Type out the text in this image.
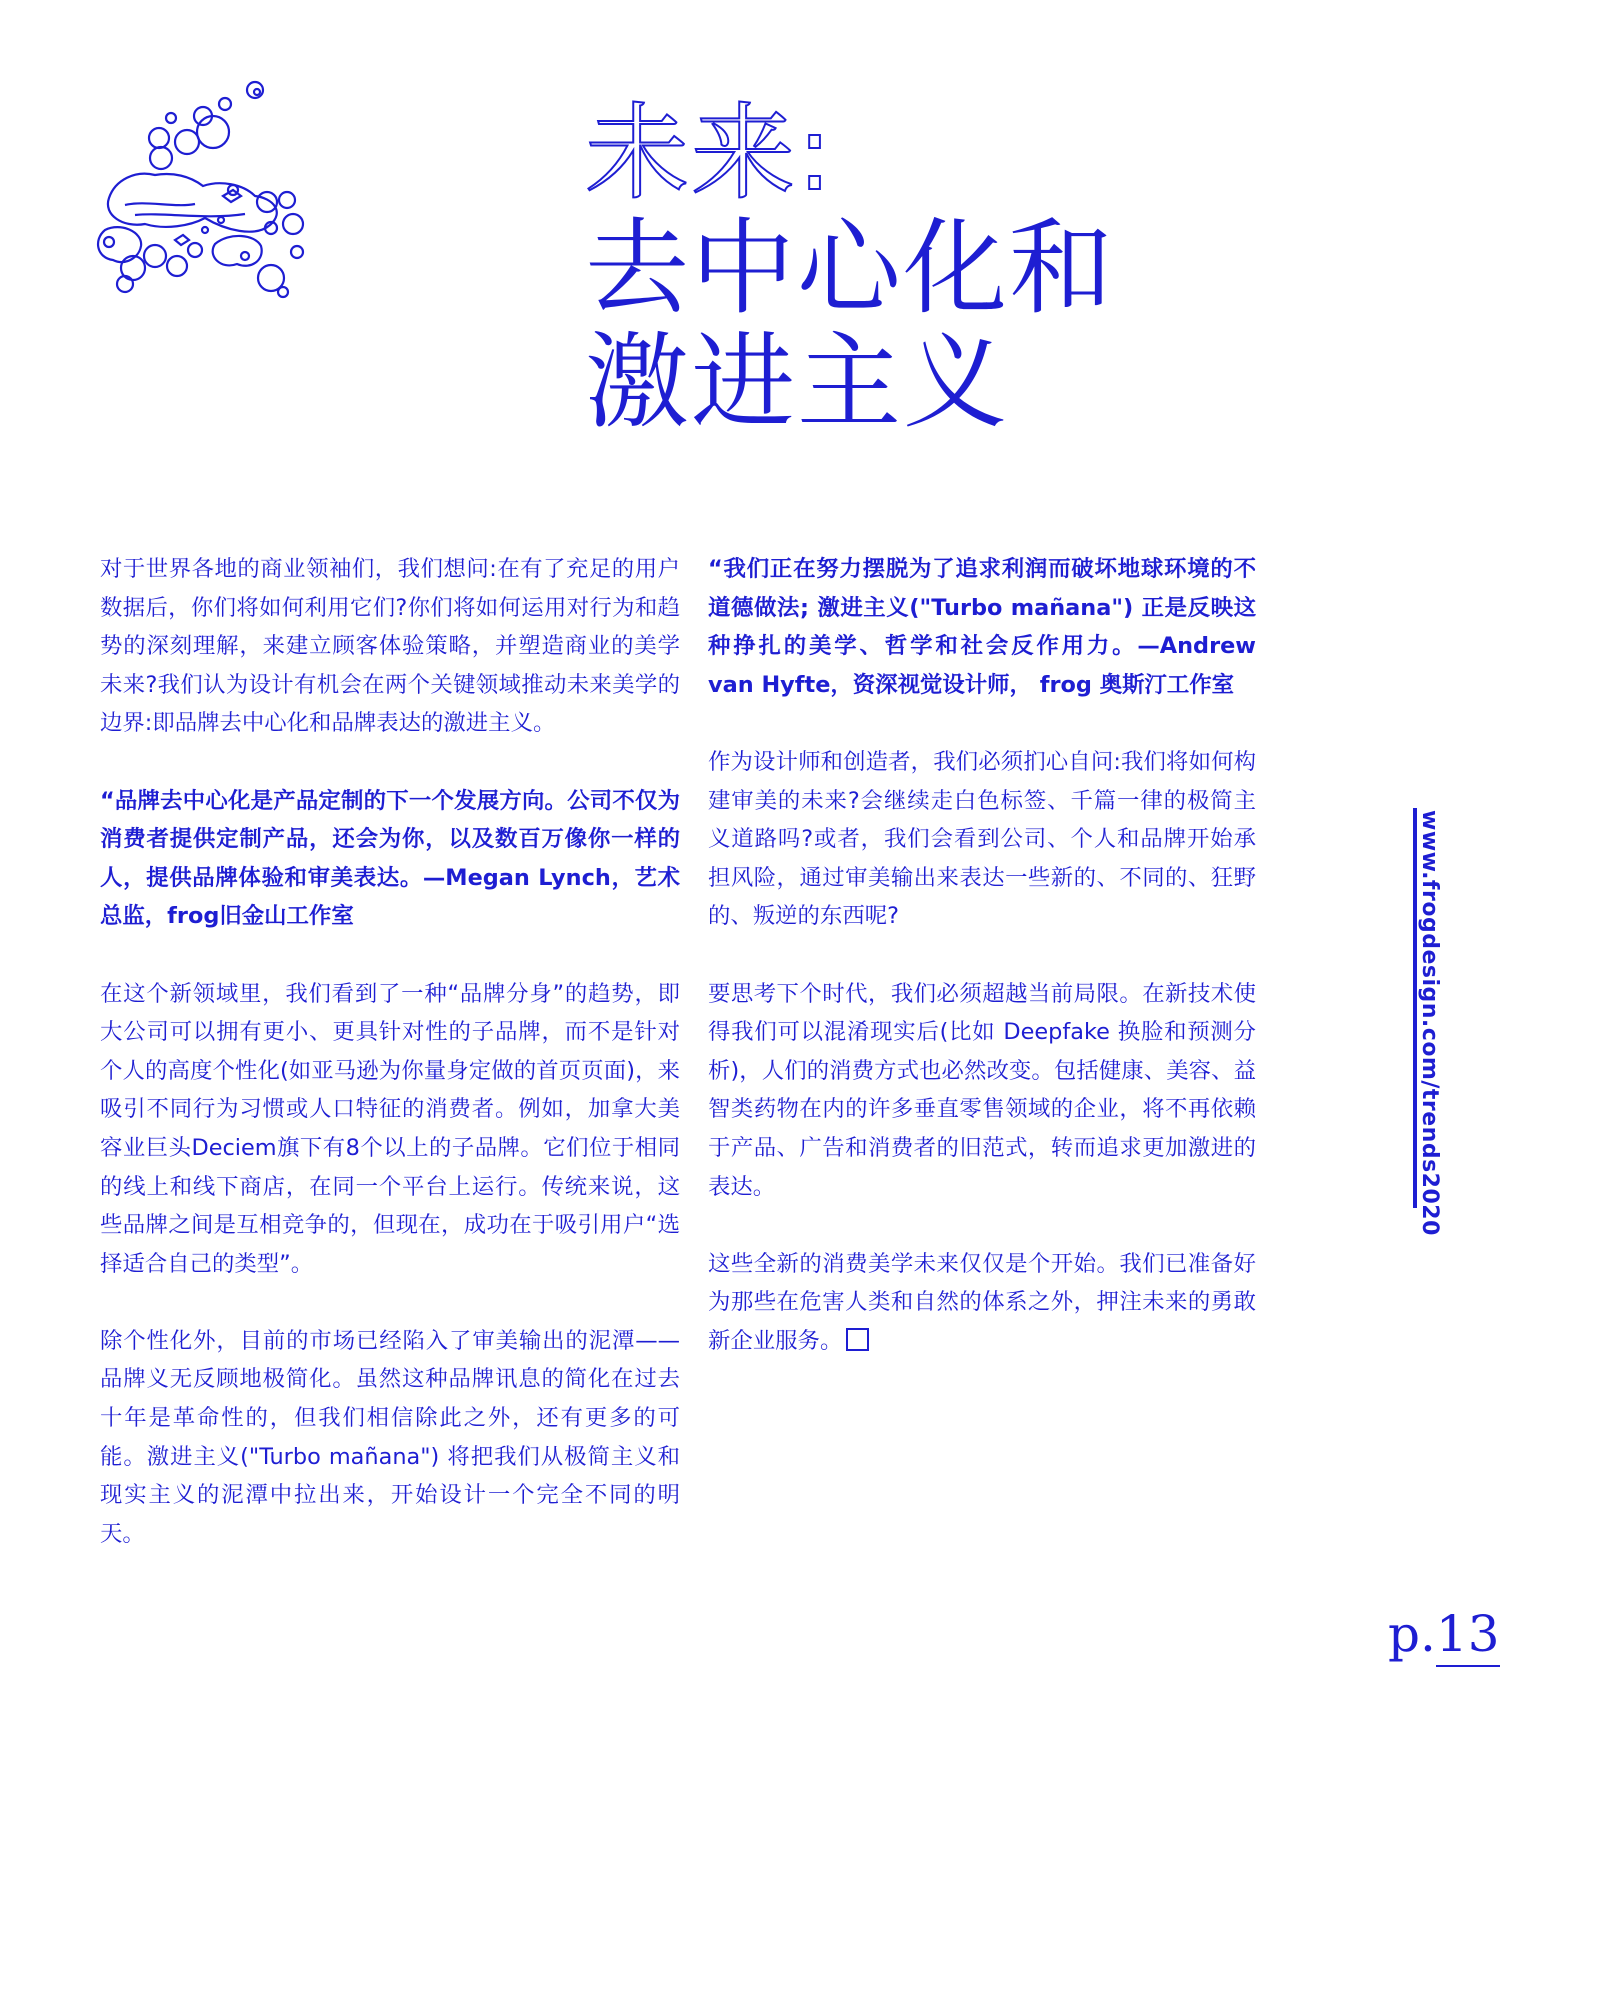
未来:
去中心化和
激进主义

对于世界各地的商业领袖们，我们想问:在有了充足的用户数据后，你们将如何利用它们?你们将如何运用对行为和趋势的深刻理解，来建立顾客体验策略，并塑造商业的美学未来?我们认为设计有机会在两个关键领域推动未来美学的边界:即品牌去中心化和品牌表达的激进主义。

“品牌去中心化是产品定制的下一个发展方向。公司不仅为消费者提供定制产品，还会为你，以及数百万像你一样的人，提供品牌体验和审美表达。—Megan Lynch，艺术总监，frog旧金山工作室

在这个新领域里，我们看到了一种“品牌分身”的趋势，即大公司可以拥有更小、更具针对性的子品牌，而不是针对个人的高度个性化(如亚马逊为你量身定做的首页页面)，来吸引不同行为习惯或人口特征的消费者。例如，加拿大美容业巨头Deciem旗下有8个以上的子品牌。它们位于相同的线上和线下商店，在同一个平台上运行。传统来说，这些品牌之间是互相竞争的，但现在，成功在于吸引用户“选择适合自己的类型”。

除个性化外，目前的市场已经陷入了审美输出的泥潭——品牌义无反顾地极简化。虽然这种品牌讯息的简化在过去十年是革命性的，但我们相信除此之外，还有更多的可能。激进主义("Turbo mañana") 将把我们从极简主义和现实主义的泥潭中拉出来，开始设计一个完全不同的明天。

“我们正在努力摆脱为了追求利润而破坏地球环境的不道德做法; 激进主义("Turbo mañana") 正是反映这种挣扎的美学、哲学和社会反作用力。—Andrew van Hyfte，资深视觉设计师， frog 奥斯汀工作室

作为设计师和创造者，我们必须扪心自问:我们将如何构建审美的未来?会继续走白色标签、千篇一律的极简主义道路吗?或者，我们会看到公司、个人和品牌开始承担风险，通过审美输出来表达一些新的、不同的、狂野的、叛逆的东西呢?

要思考下个时代，我们必须超越当前局限。在新技术使得我们可以混淆现实后(比如 Deepfake 换脸和预测分析)，人们的消费方式也必然改变。包括健康、美容、益智类药物在内的许多垂直零售领域的企业，将不再依赖于产品、广告和消费者的旧范式，转而追求更加激进的表达。

这些全新的消费美学未来仅仅是个开始。我们已准备好为那些在危害人类和自然的体系之外，押注未来的勇敢新企业服务。

www.frogdesign.com/trends2020
p.13
